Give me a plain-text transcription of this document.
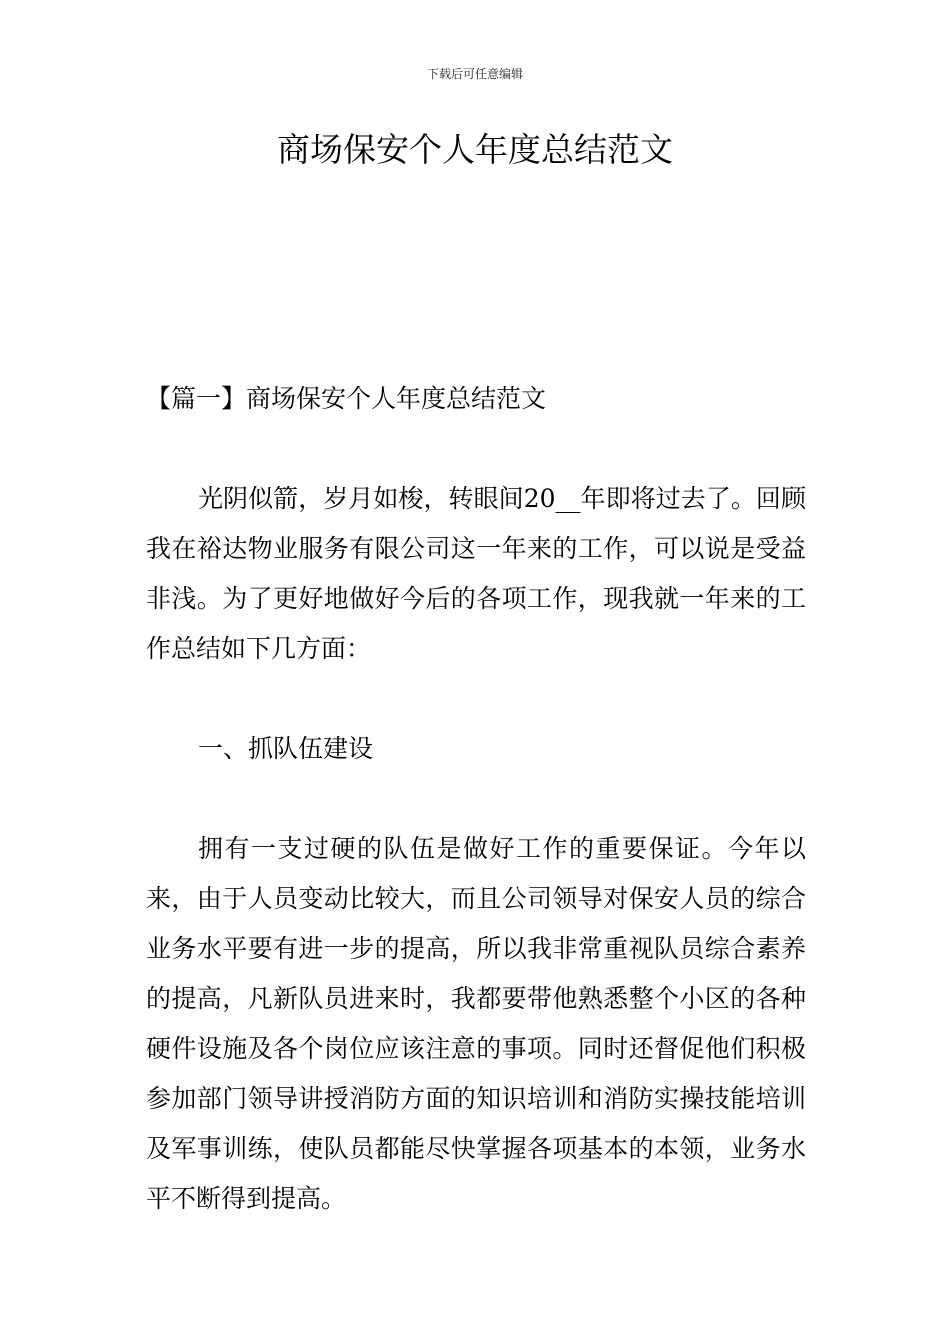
下载后可任意编辑
商场保安个人年度总结范文

【篇一】商场保安个人年度总结范文

光阴似箭，岁月如梭，转眼间20__年即将过去了。回顾我在裕达物业服务有限公司这一年来的工作，可以说是受益非浅。为了更好地做好今后的各项工作，现我就一年来的工作总结如下几方面：

一、抓队伍建设

拥有一支过硬的队伍是做好工作的重要保证。今年以来，由于人员变动比较大，而且公司领导对保安人员的综合业务水平要有进一步的提高，所以我非常重视队员综合素养的提高，凡新队员进来时，我都要带他熟悉整个小区的各种硬件设施及各个岗位应该注意的事项。同时还督促他们积极参加部门领导讲授消防方面的知识培训和消防实操技能培训及军事训练，使队员都能尽快掌握各项基本的本领，业务水平不断得到提高。
